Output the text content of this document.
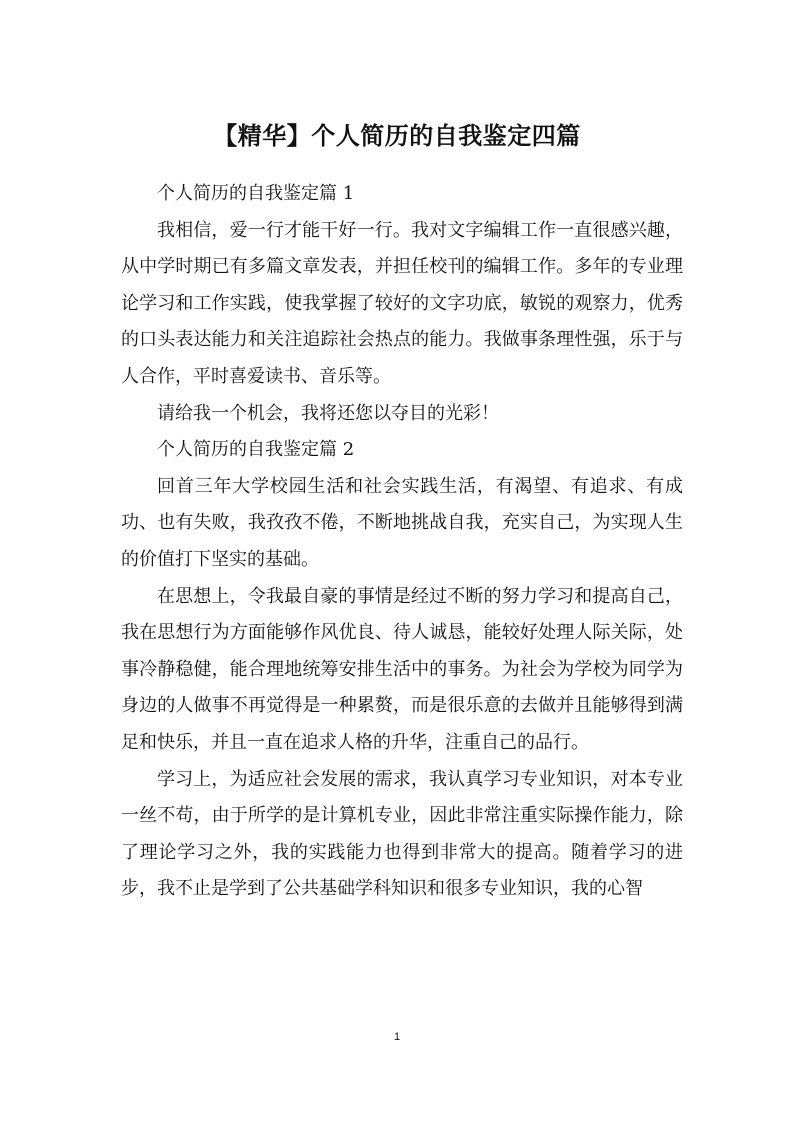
【精华】个人简历的自我鉴定四篇

个人简历的自我鉴定篇 1

我相信，爱一行才能干好一行。我对文字编辑工作一直很感兴趣，从中学时期已有多篇文章发表，并担任校刊的编辑工作。多年的专业理论学习和工作实践，使我掌握了较好的文字功底，敏锐的观察力，优秀的口头表达能力和关注追踪社会热点的能力。我做事条理性强，乐于与人合作，平时喜爱读书、音乐等。

请给我一个机会，我将还您以夺目的光彩！

个人简历的自我鉴定篇 2

回首三年大学校园生活和社会实践生活，有渴望、有追求、有成功、也有失败，我孜孜不倦，不断地挑战自我，充实自己，为实现人生的价值打下坚实的基础。

在思想上，令我最自豪的事情是经过不断的努力学习和提高自己，我在思想行为方面能够作风优良、待人诚恳，能较好处理人际关际，处事冷静稳健，能合理地统筹安排生活中的事务。为社会为学校为同学为身边的人做事不再觉得是一种累赘，而是很乐意的去做并且能够得到满足和快乐，并且一直在追求人格的升华，注重自己的品行。

学习上，为适应社会发展的需求，我认真学习专业知识，对本专业一丝不苟，由于所学的是计算机专业，因此非常注重实际操作能力，除了理论学习之外，我的实践能力也得到非常大的提高。随着学习的进步，我不止是学到了公共基础学科知识和很多专业知识，我的心智

1
